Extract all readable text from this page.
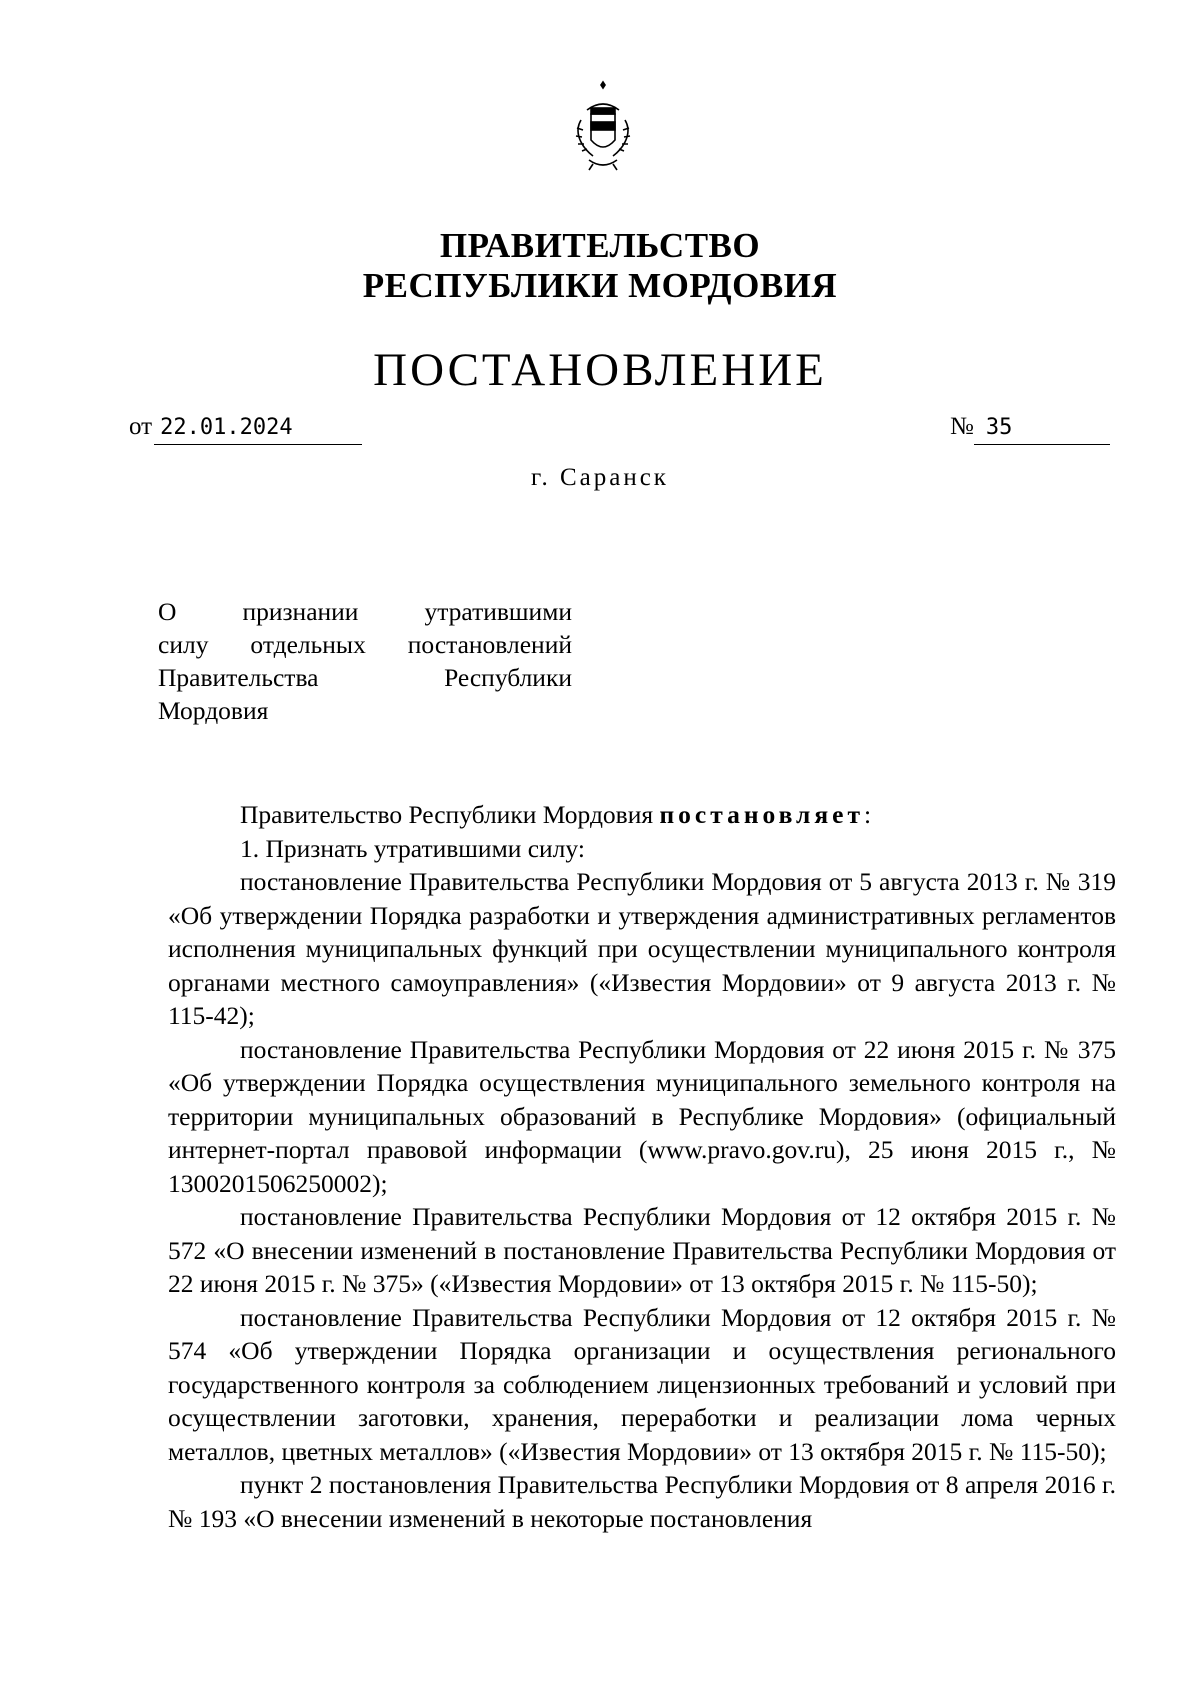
ПРАВИТЕЛЬСТВО
РЕСПУБЛИКИ МОРДОВИЯ
ПОСТАНОВЛЕНИЕ
от 22.01.2024	№ 35
г. Саранск
О признании утратившими
силу отдельных постановлений
Правительства Республики
Мордовия

Правительство Республики Мордовия постановляет:

1. Признать утратившими силу:

постановление Правительства Республики Мордовия от 5 августа 2013 г. № 319 «Об утверждении Порядка разработки и утверждения административных регламентов исполнения муниципальных функций при осуществлении муниципального контроля органами местного самоуправления» («Известия Мордовии» от 9 августа 2013 г. № 115-42);

постановление Правительства Республики Мордовия от 22 июня 2015 г. № 375 «Об утверждении Порядка осуществления муниципального земельного контроля на территории муниципальных образований в Республике Мордовия» (официальный интернет-портал правовой информации (www.pravo.gov.ru), 25 июня 2015 г., № 1300201506250002);

постановление Правительства Республики Мордовия от 12 октября 2015 г. № 572 «О внесении изменений в постановление Правительства Республики Мордовия от 22 июня 2015 г. № 375» («Известия Мордовии» от 13 октября 2015 г. № 115-50);

постановление Правительства Республики Мордовия от 12 октября 2015 г. № 574 «Об утверждении Порядка организации и осуществления регионального государственного контроля за соблюдением лицензионных требований и условий при осуществлении заготовки, хранения, переработки и реализации лома черных металлов, цветных металлов» («Известия Мордовии» от 13 октября 2015 г. № 115-50);

пункт 2 постановления Правительства Республики Мордовия от 8 апреля 2016 г. № 193 «О внесении изменений в некоторые постановления
